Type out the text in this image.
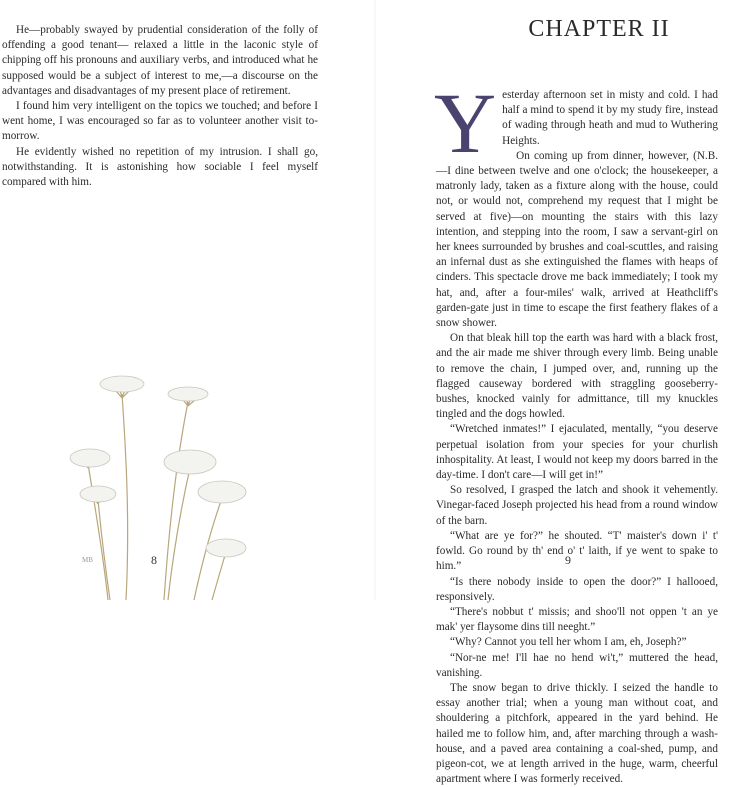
He—probably swayed by prudential consideration of the folly of offending a good tenant— relaxed a little in the laconic style of chipping off his pronouns and auxiliary verbs, and introduced what he supposed would be a subject of interest to me,—a discourse on the advantages and disadvantages of my present place of retirement.

I found him very intelligent on the topics we touched; and before I went home, I was encouraged so far as to volunteer another visit to-morrow.

He evidently wished no repetition of my intrusion. I shall go, notwithstanding. It is astonishing how sociable I feel myself compared with him.

MB	8
CHAPTER II
Y esterday afternoon set in misty and cold. I had half a mind to spend it by my study fire, instead of wading through heath and mud to Wuthering Heights.

On coming up from dinner, however, (N.B.—I dine between twelve and one o'clock; the housekeeper, a matronly lady, taken as a fixture along with the house, could not, or would not, comprehend my request that I might be served at five)—on mounting the stairs with this lazy intention, and stepping into the room, I saw a servant-girl on her knees surrounded by brushes and coal-scuttles, and raising an infernal dust as she extinguished the flames with heaps of cinders. This spectacle drove me back immediately; I took my hat, and, after a four-miles' walk, arrived at Heathcliff's garden-gate just in time to escape the first feathery flakes of a snow shower.

On that bleak hill top the earth was hard with a black frost, and the air made me shiver through every limb. Being unable to remove the chain, I jumped over, and, running up the flagged causeway bordered with straggling gooseberry-bushes, knocked vainly for admittance, till my knuckles tingled and the dogs howled.

“Wretched inmates!” I ejaculated, mentally, “you deserve perpetual isolation from your species for your churlish inhospitality. At least, I would not keep my doors barred in the day-time. I don't care—I will get in!”

So resolved, I grasped the latch and shook it vehemently. Vinegar-faced Joseph projected his head from a round window of the barn.

“What are ye for?” he shouted. “T' maister's down i' t' fowld. Go round by th' end o' t' laith, if ye went to spake to him.”

“Is there nobody inside to open the door?” I hallooed, responsively.

“There's nobbut t' missis; and shoo'll not oppen 't an ye mak' yer flaysome dins till neeght.”

“Why? Cannot you tell her whom I am, eh, Joseph?”

“Nor-ne me! I'll hae no hend wi't,” muttered the head, vanishing.

The snow began to drive thickly. I seized the handle to essay another trial; when a young man without coat, and shouldering a pitchfork, appeared in the yard behind. He hailed me to follow him, and, after marching through a wash-house, and a paved area containing a coal-shed, pump, and pigeon-cot, we at length arrived in the huge, warm, cheerful apartment where I was formerly received.

9
